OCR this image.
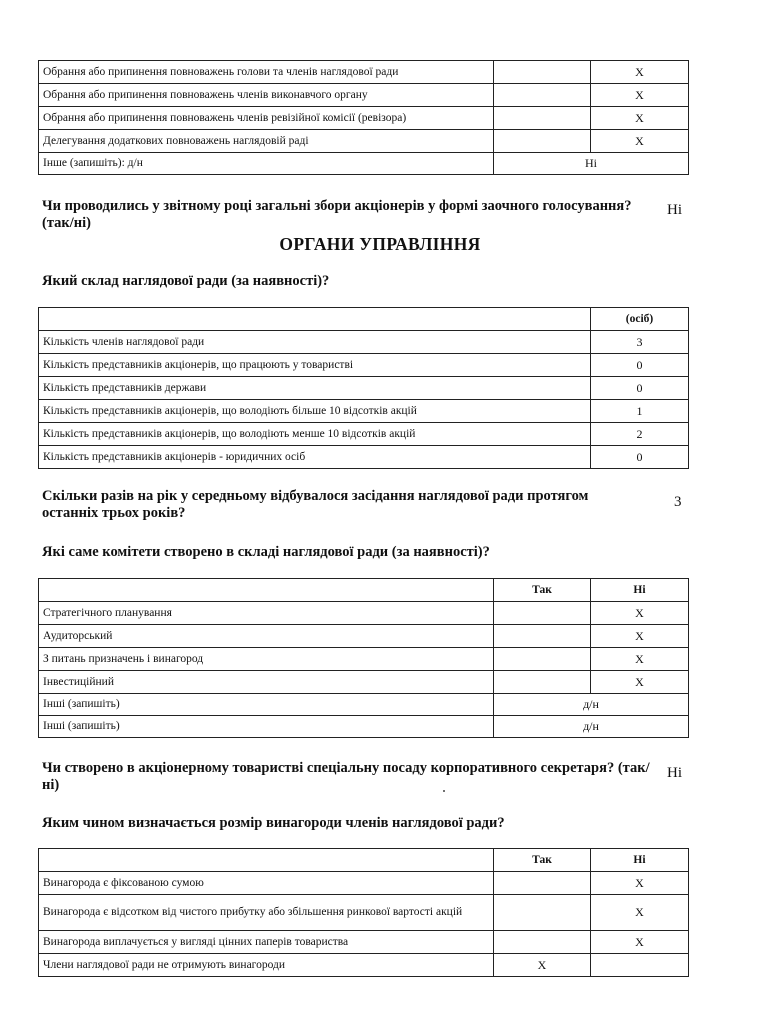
Обрання або припинення повноважень голови та членів наглядової ради		X
Обрання або припинення повноважень членів виконавчого органу		X
Обрання або припинення повноважень членів ревізійної комісії (ревізора)		X
Делегування додаткових повноважень наглядовій раді		X
Інше (запишіть): д/н	Ні	
Чи проводились у звітному році загальні збори акціонерів у формі заочного голосування? (так/ні)
Ні
ОРГАНИ УПРАВЛІННЯ
Який склад наглядової ради (за наявності)?
	(осіб)
Кількість членів наглядової ради	3
Кількість представників акціонерів, що працюють у товаристві	0
Кількість представників держави	0
Кількість представників акціонерів, що володіють більше 10 відсотків акцій	1
Кількість представників акціонерів, що володіють менше 10 відсотків акцій	2
Кількість представників акціонерів - юридичних осіб	0
Скільки разів на рік у середньому відбувалося засідання наглядової ради протягом останніх трьох років?
3
Які саме комітети створено в складі наглядової ради (за наявності)?
	Так	Ні
Стратегічного планування		X
Аудиторський		X
З питань призначень і винагород		X
Інвестиційний		X
Інші (запишіть)	д/н	
Інші (запишіть)	д/н	
Чи створено в акціонерному товаристві спеціальну посаду корпоративного секретаря? (так/ні)
Ні
Яким чином визначається розмір винагороди членів наглядової ради?
	Так	Ні
Винагорода є фіксованою сумою		X
Винагорода є відсотком від чистого прибутку або збільшення ринкової вартості акцій		X
Винагорода виплачується у вигляді цінних паперів товариства		X
Члени наглядової ради не отримують винагороди	X	
